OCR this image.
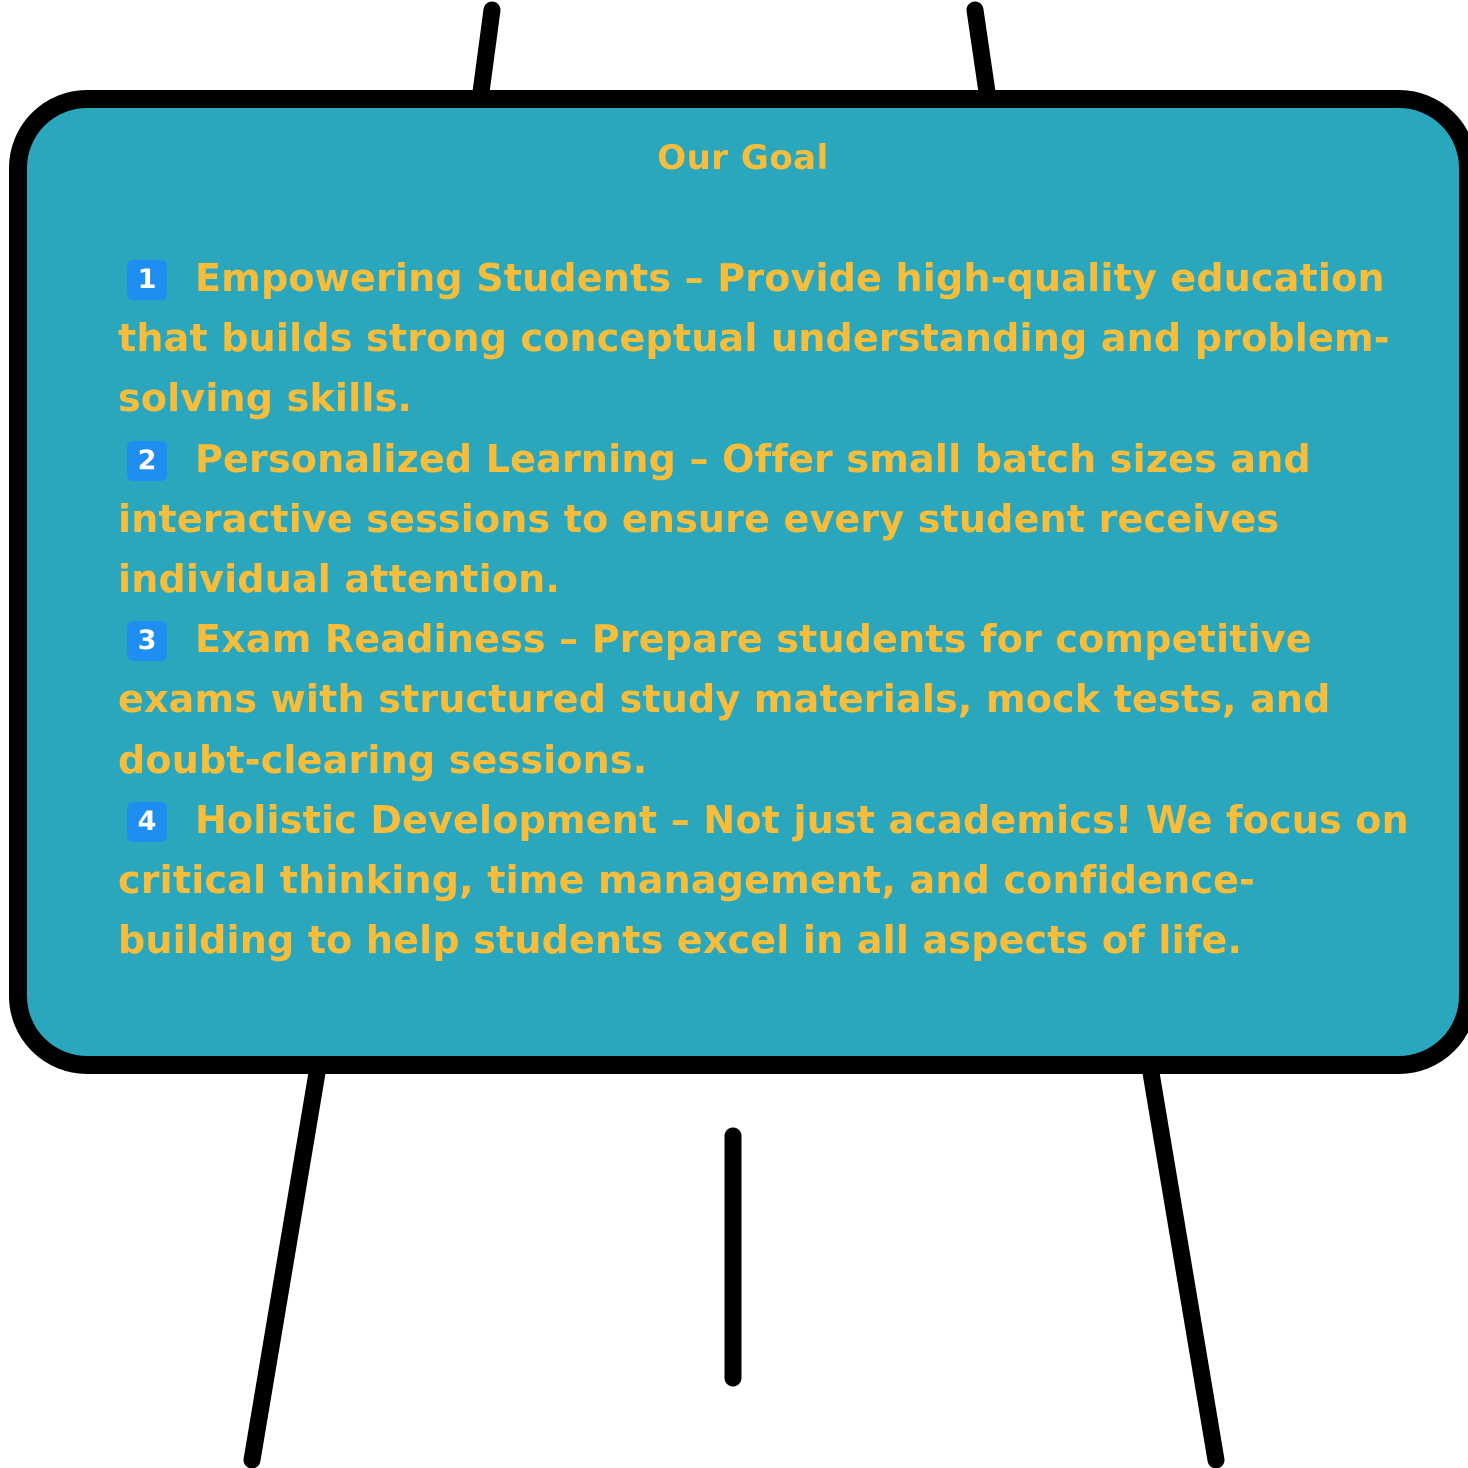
Our Goal

1 Empowering Students – Provide high-quality education that builds strong conceptual understanding and problem-solving skills.

2 Personalized Learning – Offer small batch sizes and interactive sessions to ensure every student receives individual attention.

3 Exam Readiness – Prepare students for competitive exams with structured study materials, mock tests, and doubt-clearing sessions.

4 Holistic Development – Not just academics! We focus on critical thinking, time management, and confidence-building to help students excel in all aspects of life.
